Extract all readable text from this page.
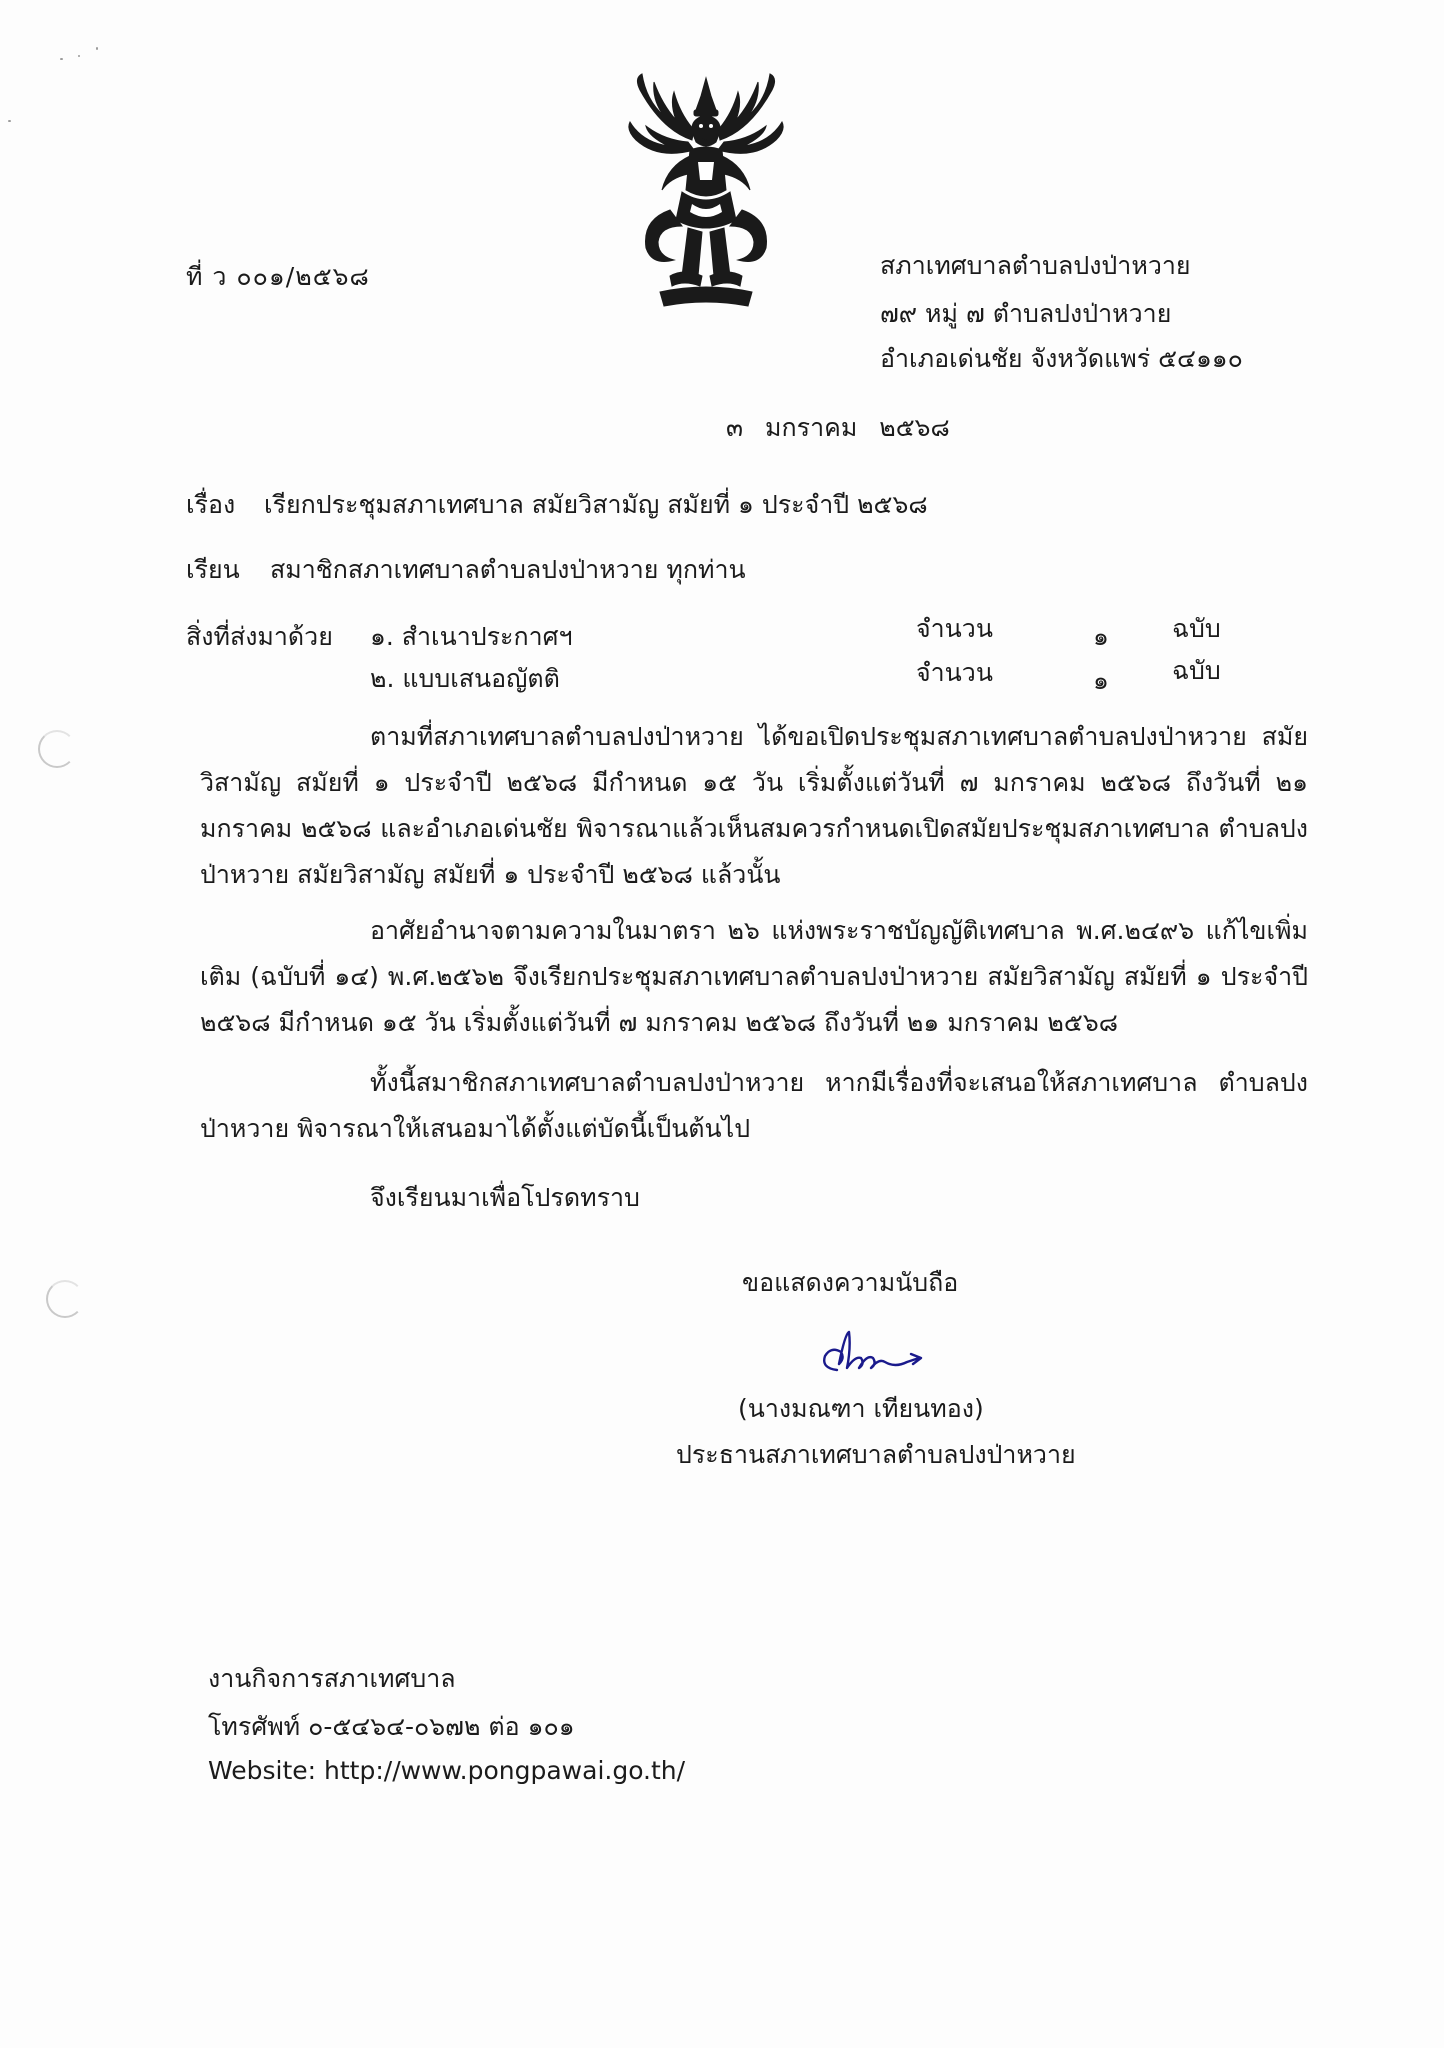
ที่ ว ๐๐๑/๒๕๖๘	สภาเทศบาลตำบลปงป่าหวาย
๗๙ หมู่ ๗ ตำบลปงป่าหวาย
อำเภอเด่นชัย จังหวัดแพร่ ๕๔๑๑๐
๓ มกราคม ๒๕๖๘
เรื่อง เรียกประชุมสภาเทศบาล สมัยวิสามัญ สมัยที่ ๑ ประจำปี ๒๕๖๘
เรียน สมาชิกสภาเทศบาลตำบลปงป่าหวาย ทุกท่าน
สิ่งที่ส่งมาด้วย ๑. สำเนาประกาศฯ	จำนวน	๑	ฉบับ
๒. แบบเสนอญัตติ	จำนวน	๑	ฉบับ

ตามที่สภาเทศบาลตำบลปงป่าหวาย ได้ขอเปิดประชุมสภาเทศบาลตำบลปงป่าหวาย สมัยวิสามัญ สมัยที่ ๑ ประจำปี ๒๕๖๘ มีกำหนด ๑๕ วัน เริ่มตั้งแต่วันที่ ๗ มกราคม ๒๕๖๘ ถึงวันที่ ๒๑ มกราคม ๒๕๖๘ และอำเภอเด่นชัย พิจารณาแล้วเห็นสมควรกำหนดเปิดสมัยประชุมสภาเทศบาล ตำบลปงป่าหวาย สมัยวิสามัญ สมัยที่ ๑ ประจำปี ๒๕๖๘ แล้วนั้น

อาศัยอำนาจตามความในมาตรา ๒๖ แห่งพระราชบัญญัติเทศบาล พ.ศ.๒๔๙๖ แก้ไขเพิ่มเติม (ฉบับที่ ๑๔) พ.ศ.๒๕๖๒ จึงเรียกประชุมสภาเทศบาลตำบลปงป่าหวาย สมัยวิสามัญ สมัยที่ ๑ ประจำปี ๒๕๖๘ มีกำหนด ๑๕ วัน เริ่มตั้งแต่วันที่ ๗ มกราคม ๒๕๖๘ ถึงวันที่ ๒๑ มกราคม ๒๕๖๘

ทั้งนี้สมาชิกสภาเทศบาลตำบลปงป่าหวาย หากมีเรื่องที่จะเสนอให้สภาเทศบาล ตำบลปงป่าหวาย พิจารณาให้เสนอมาได้ตั้งแต่บัดนี้เป็นต้นไป

จึงเรียนมาเพื่อโปรดทราบ
ขอแสดงความนับถือ
(นางมณฑา เทียนทอง)
ประธานสภาเทศบาลตำบลปงป่าหวาย
งานกิจการสภาเทศบาล
โทรศัพท์ ๐-๕๔๖๔-๐๖๗๒ ต่อ ๑๐๑
Website: http://www.pongpawai.go.th/
